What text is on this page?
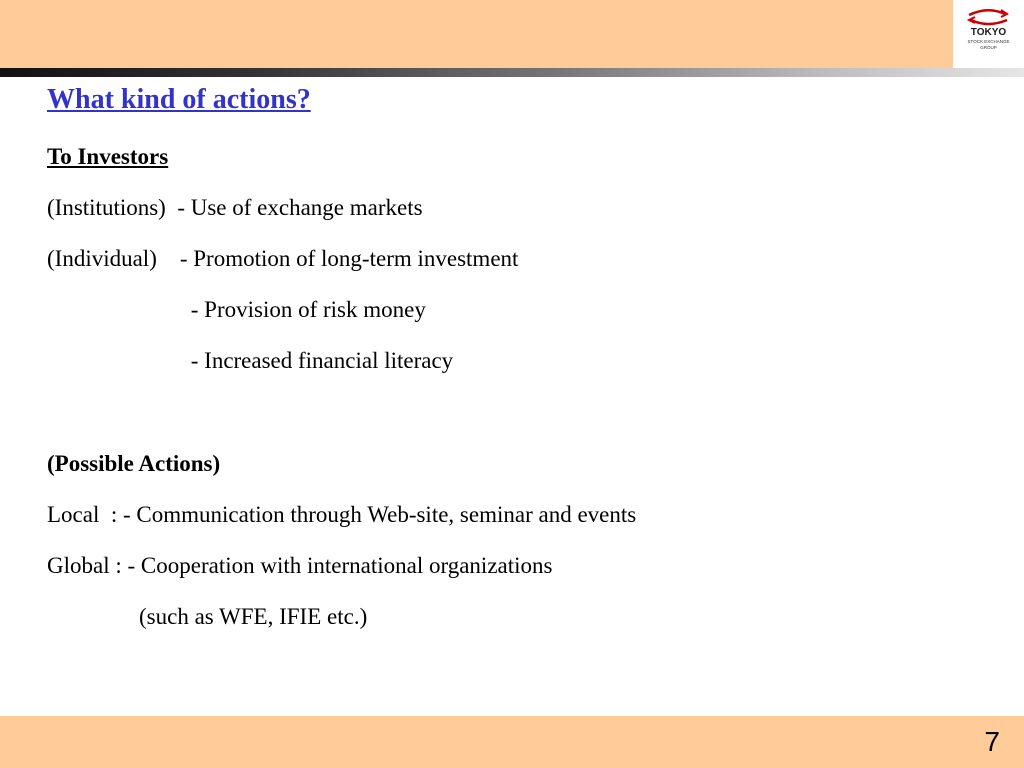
TOKYO
STOCK EXCHANGE
GROUP
What kind of actions?
To Investors
(Institutions)  - Use of exchange markets
(Individual)    - Promotion of long-term investment
- Provision of risk money
- Increased financial literacy
(Possible Actions)
Local  : - Communication through Web-site, seminar and events
Global : - Cooperation with international organizations
(such as WFE, IFIE etc.)
7
